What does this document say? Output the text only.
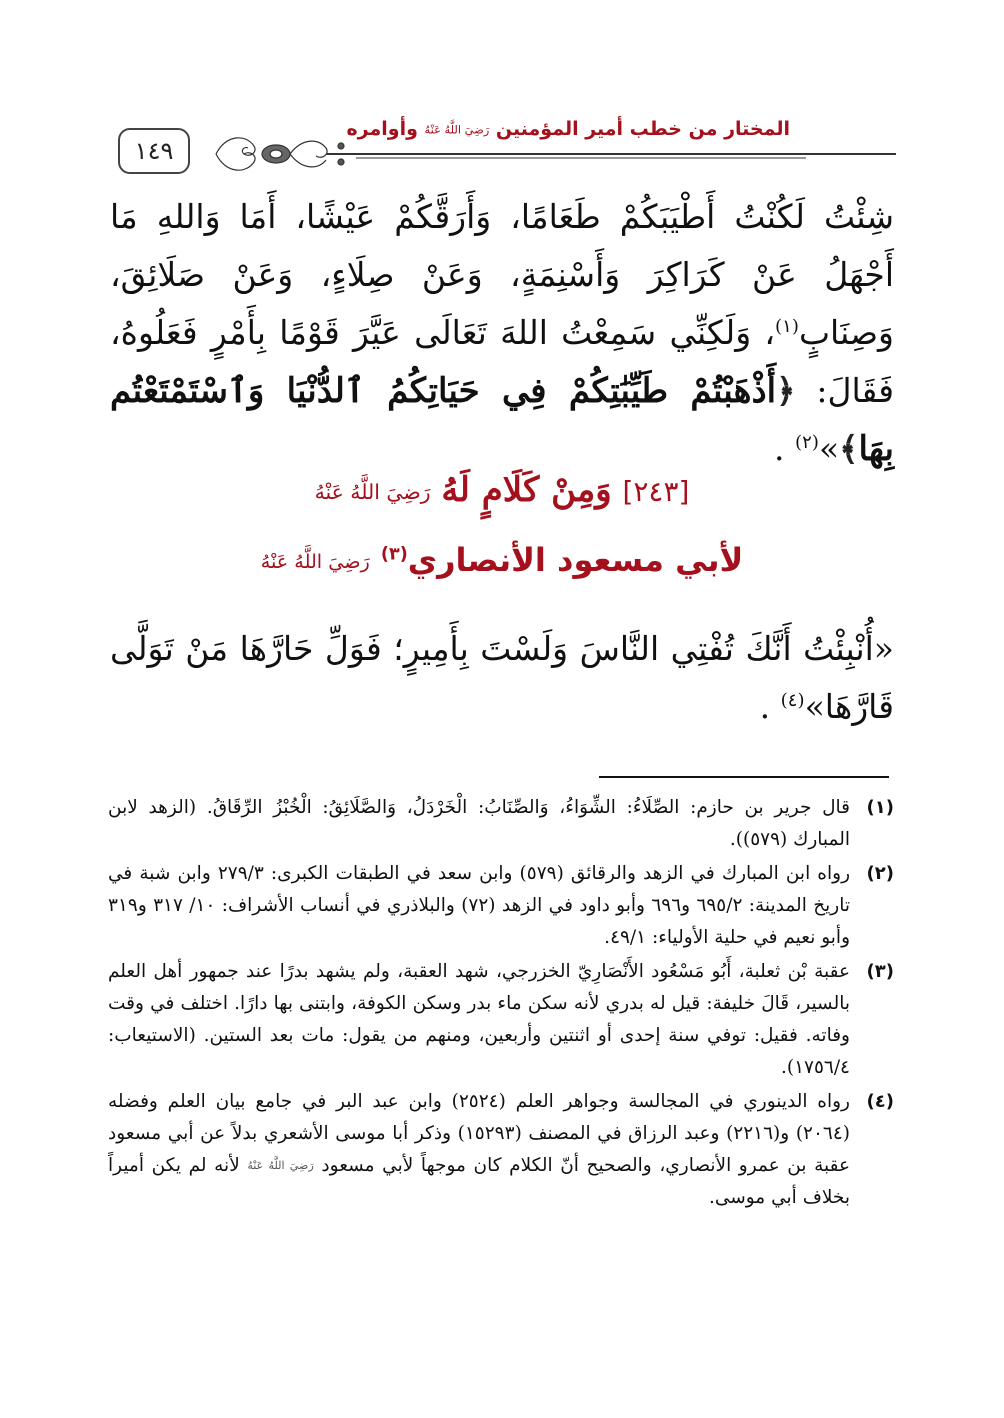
١٤٩
المختار من خطب أمير المؤمنين رَضِيَ اللَّهُ عَنْهُ وأوامره
شِئْتُ لَكُنْتُ أَطْيَبَكُمْ طَعَامًا، وَأَرَقَّكُمْ عَيْشًا، أَمَا وَاللهِ مَا أَجْهَلُ عَنْ كَرَاكِرَ وَأَسْنِمَةٍ، وَعَنْ صِلَاءٍ، وَعَنْ صَلَائِقَ، وَصِنَابٍ$^{(١)}$، وَلَكِنِّي سَمِعْتُ اللهَ تَعَالَى عَيَّرَ قَوْمًا بِأَمْرٍ فَعَلُوهُ، فَقَالَ: ﴿أَذْهَبْتُمْ طَيِّبَٰتِكُمْ فِي حَيَاتِكُمُ ٱلدُّنْيَا وَٱسْتَمْتَعْتُم بِهَا﴾»$^{(٢)}$ .
[٢٤٣] وَمِنْ كَلَامٍ لَهُ رَضِيَ اللَّهُ عَنْهُ
لأبي مسعود الأنصاري$^{(٣)}$ رَضِيَ اللَّهُ عَنْهُ
«أُنْبِئْتُ أَنَّكَ تُفْتِي النَّاسَ وَلَسْتَ بِأَمِيرٍ؛ فَوَلِّ حَارَّهَا مَنْ تَوَلَّى قَارَّهَا»$^{(٤)}$ .
(١)
قال جرير بن حازم: الصِّلَاءُ: الشِّوَاءُ، وَالصِّنَابُ: الْخَرْدَلُ، وَالصَّلَائِقُ: الْخُبْزُ الرِّقَاقُ. (الزهد لابن المبارك (٥٧٩)).
(٢)
رواه ابن المبارك في الزهد والرقائق (٥٧٩) وابن سعد في الطبقات الكبرى: ٢٧٩/٣ وابن شبة في تاريخ المدينة: ٦٩٥/٢ و٦٩٦ وأبو داود في الزهد (٧٢) والبلاذري في أنساب الأشراف: ١٠/ ٣١٧ و٣١٩ وأبو نعيم في حلية الأولياء: ٤٩/١.
(٣)
عقبة بْن ثعلبة، أَبُو مَسْعُود الأَنْصَارِيّ الخزرجي، شهد العقبة، ولم يشهد بدرًا عند جمهور أهل العلم بالسير، قَالَ خليفة: قيل له بدري لأنه سكن ماء بدر وسكن الكوفة، وابتنى بها دارًا. اختلف في وقت وفاته. فقيل: توفي سنة إحدى أو اثنتين وأربعين، ومنهم من يقول: مات بعد الستين. (الاستيعاب: ١٧٥٦/٤).
(٤)
رواه الدينوري في المجالسة وجواهر العلم (٢٥٢٤) وابن عبد البر في جامع بيان العلم وفضله (٢٠٦٤) و(٢٢١٦) وعبد الرزاق في المصنف (١٥٢٩٣) وذكر أبا موسى الأشعري بدلاً عن أبي مسعود عقبة بن عمرو الأنصاري، والصحيح أنّ الكلام كان موجهاً لأبي مسعود رَضِيَ اللَّهُ عَنْهُ لأنه لم يكن أميراً بخلاف أبي موسى.
